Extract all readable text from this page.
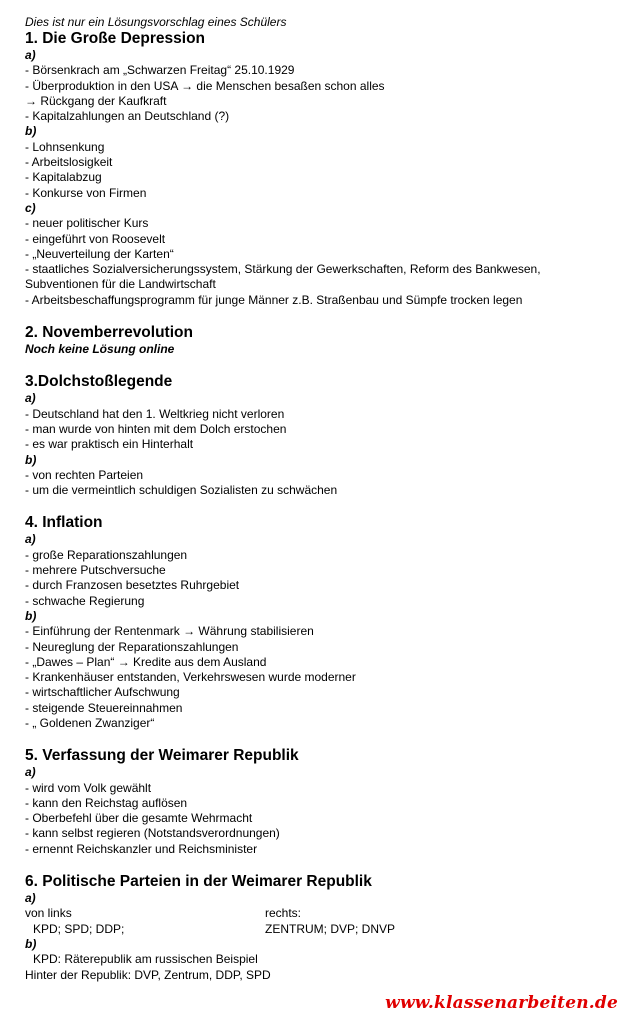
Dies ist nur ein Lösungsvorschlag eines Schülers
1. Die Große Depression
a)
- Börsenkrach am „Schwarzen Freitag“ 25.10.1929
- Überproduktion in den USA → die Menschen besaßen schon alles
→ Rückgang der Kaufkraft
- Kapitalzahlungen an Deutschland (?)
b)
- Lohnsenkung
- Arbeitslosigkeit
- Kapitalabzug
- Konkurse von Firmen
c)
- neuer politischer Kurs
- eingeführt von Roosevelt
- „Neuverteilung der Karten“
- staatliches Sozialversicherungssystem, Stärkung der Gewerkschaften, Reform des Bankwesen, Subventionen für die Landwirtschaft
- Arbeitsbeschaffungsprogramm für junge Männer z.B. Straßenbau und Sümpfe trocken legen
2. Novemberrevolution
Noch keine Lösung online
3.Dolchstoßlegende
a)
- Deutschland hat den 1. Weltkrieg nicht verloren
- man wurde von hinten mit dem Dolch erstochen
- es war praktisch ein Hinterhalt
b)
- von rechten Parteien
- um die vermeintlich schuldigen Sozialisten zu schwächen
4. Inflation
a)
- große Reparationszahlungen
- mehrere Putschversuche
- durch Franzosen besetztes Ruhrgebiet
- schwache Regierung
b)
- Einführung der Rentenmark → Währung stabilisieren
- Neureglung der Reparationszahlungen
- „Dawes – Plan“ → Kredite aus dem Ausland
- Krankenhäuser entstanden, Verkehrswesen wurde moderner
- wirtschaftlicher Aufschwung
- steigende Steuereinnahmen
- „ Goldenen Zwanziger“
5. Verfassung der Weimarer Republik
a)
- wird vom Volk gewählt
- kann den Reichstag auflösen
- Oberbefehl über die gesamte Wehrmacht
- kann selbst regieren (Notstandsverordnungen)
- ernennt Reichskanzler und Reichsminister
6. Politische Parteien in der Weimarer Republik
a)
von links
KPD; SPD; DDP;
rechts:
ZENTRUM; DVP; DNVP
b)
KPD: Räterepublik am russischen Beispiel
Hinter der Republik: DVP, Zentrum, DDP, SPD
www.klassenarbeiten.de
